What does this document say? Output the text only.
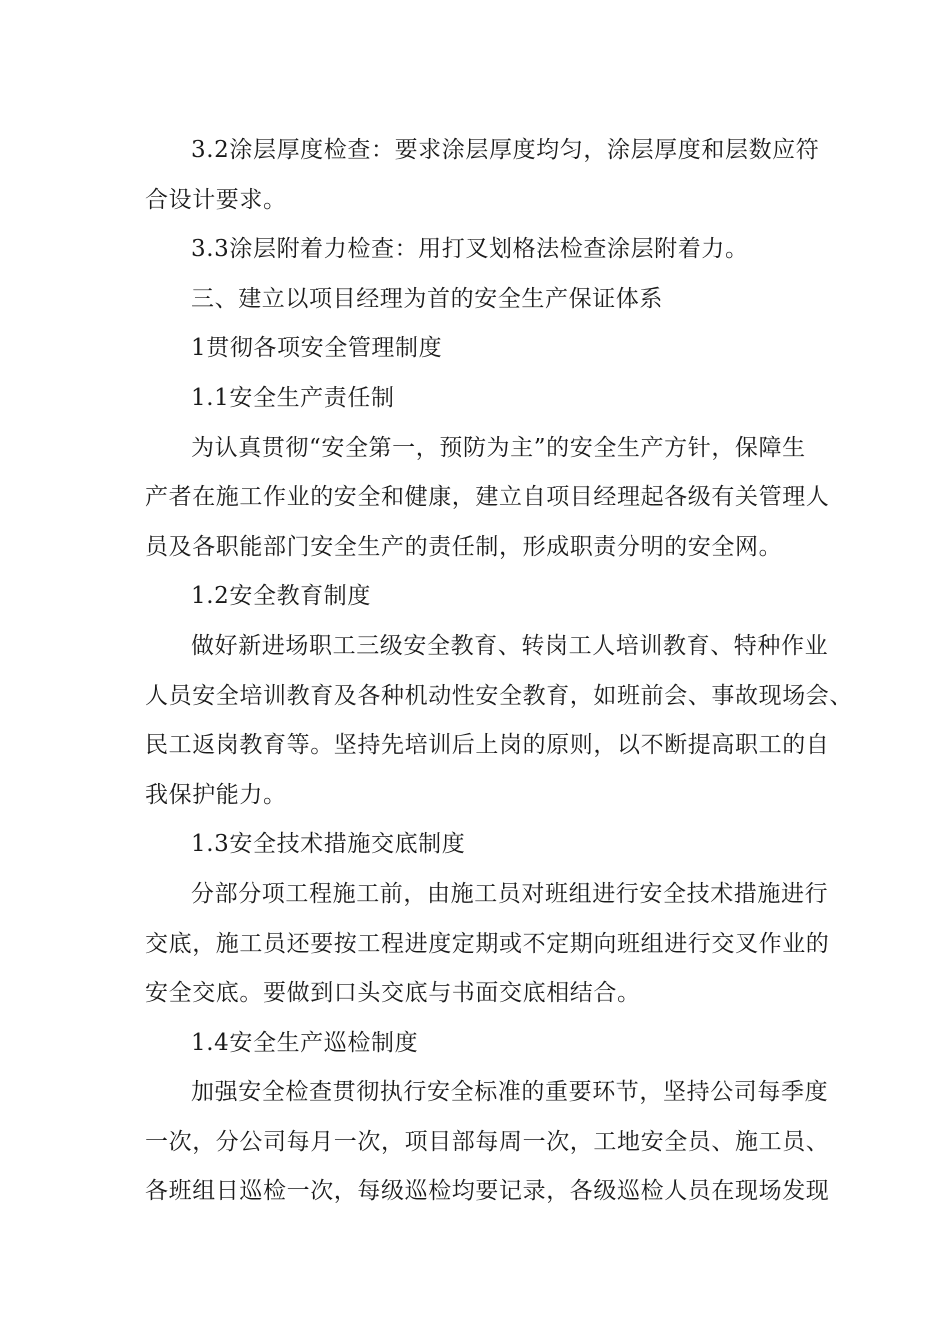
3.2涂层厚度检查：要求涂层厚度均匀，涂层厚度和层数应符
合设计要求。

3.3涂层附着力检查：用打叉划格法检查涂层附着力。

三、建立以项目经理为首的安全生产保证体系

1贯彻各项安全管理制度

1.1安全生产责任制

为认真贯彻“安全第一，预防为主”的安全生产方针，保障生
产者在施工作业的安全和健康，建立自项目经理起各级有关管理人
员及各职能部门安全生产的责任制，形成职责分明的安全网。

1.2安全教育制度

做好新进场职工三级安全教育、转岗工人培训教育、特种作业
人员安全培训教育及各种机动性安全教育，如班前会、事故现场会、
民工返岗教育等。坚持先培训后上岗的原则，以不断提高职工的自
我保护能力。

1.3安全技术措施交底制度

分部分项工程施工前，由施工员对班组进行安全技术措施进行
交底，施工员还要按工程进度定期或不定期向班组进行交叉作业的
安全交底。要做到口头交底与书面交底相结合。

1.4安全生产巡检制度

加强安全检查贯彻执行安全标准的重要环节，坚持公司每季度
一次，分公司每月一次，项目部每周一次，工地安全员、施工员、
各班组日巡检一次，每级巡检均要记录，各级巡检人员在现场发现
